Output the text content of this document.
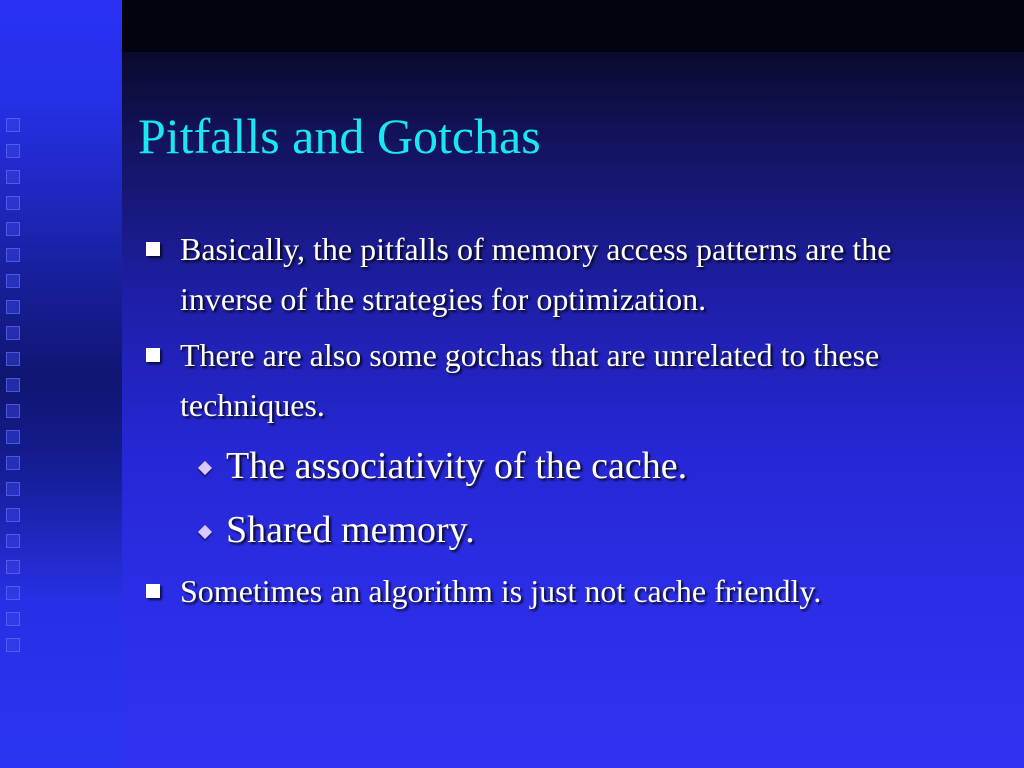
Pitfalls and Gotchas
Basically, the pitfalls of memory access patterns are the inverse of the strategies for optimization.
There are also some gotchas that are unrelated to these techniques.
The associativity of the cache.
Shared memory.
Sometimes an algorithm is just not cache friendly.
